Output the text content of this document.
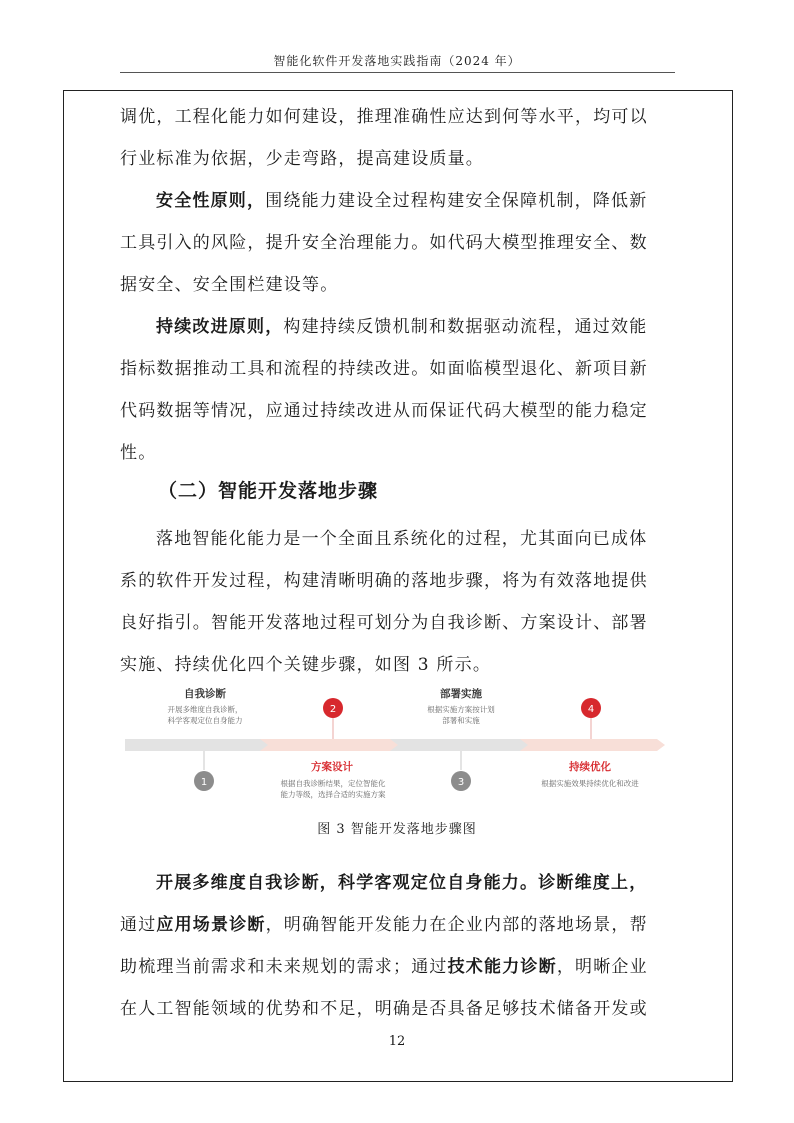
智能化软件开发落地实践指南（2024 年）
调优，工程化能力如何建设，推理准确性应达到何等水平，均可以
行业标准为依据，少走弯路，提高建设质量。
安全性原则，围绕能力建设全过程构建安全保障机制，降低新
工具引入的风险，提升安全治理能力。如代码大模型推理安全、数
据安全、安全围栏建设等。
持续改进原则，构建持续反馈机制和数据驱动流程，通过效能
指标数据推动工具和流程的持续改进。如面临模型退化、新项目新
代码数据等情况，应通过持续改进从而保证代码大模型的能力稳定
性。
（二）智能开发落地步骤
落地智能化能力是一个全面且系统化的过程，尤其面向已成体
系的软件开发过程，构建清晰明确的落地步骤，将为有效落地提供
良好指引。智能开发落地过程可划分为自我诊断、方案设计、部署
实施、持续优化四个关键步骤，如图 3 所示。
1
2
3
4
自我诊断
开展多维度自我诊断，
科学客观定位自身能力
方案设计
根据自我诊断结果，定位智能化
能力等级，选择合适的实施方案
部署实施
根据实施方案按计划
部署和实施
持续优化
根据实施效果持续优化和改进
图 3 智能开发落地步骤图
开展多维度自我诊断，科学客观定位自身能力。诊断维度上，
通过应用场景诊断，明确智能开发能力在企业内部的落地场景，帮
助梳理当前需求和未来规划的需求；通过技术能力诊断，明晰企业
在人工智能领域的优势和不足，明确是否具备足够技术储备开发或
12
